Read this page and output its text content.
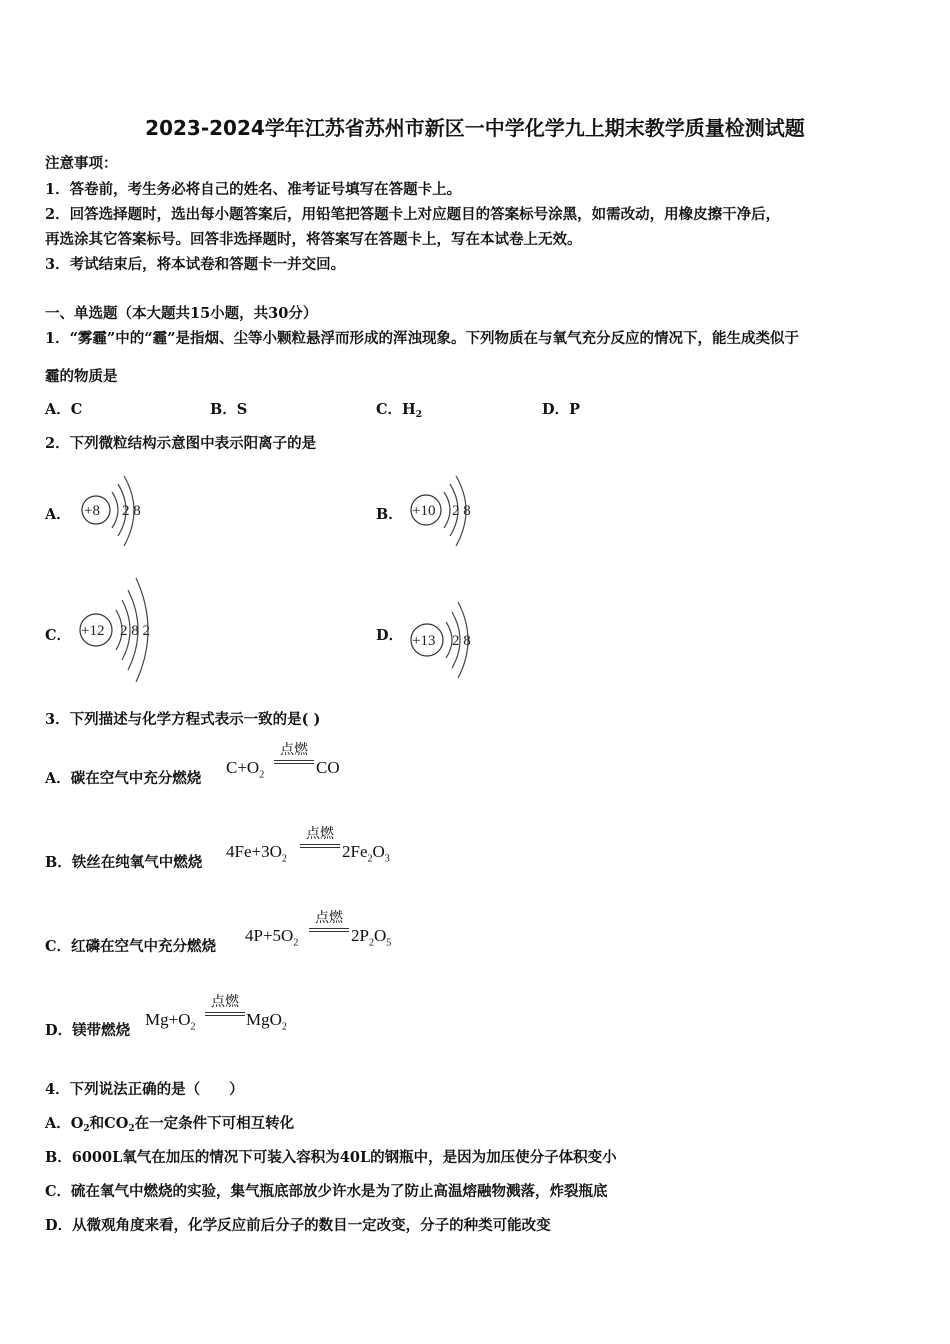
2023-2024学年江苏省苏州市新区一中学化学九上期末教学质量检测试题
注意事项：
1．答卷前，考生务必将自己的姓名、准考证号填写在答题卡上。
2．回答选择题时，选出每小题答案后，用铅笔把答题卡上对应题目的答案标号涂黑，如需改动，用橡皮擦干净后，
再选涂其它答案标号。回答非选择题时，将答案写在答题卡上，写在本试卷上无效。
3．考试结束后，将本试卷和答题卡一并交回。
一、单选题（本大题共15小题，共30分）
1．“雾霾”中的“霾”是指烟、尘等小颗粒悬浮而形成的浑浊现象。下列物质在与氧气充分反应的情况下，能生成类似于
霾的物质是
A．C	B．S	C．$H_2$	D．P
2．下列微粒结构示意图中表示阳离子的是
A． +8 2 8	B． +10 2 8
C． +12 2 8 2	D． +13 2 8
3．下列描述与化学方程式表示一致的是( )
A．碳在空气中充分燃烧
$C+O_2$
点燃
CO
B．铁丝在纯氧气中燃烧
$4Fe+3O_2$
点燃
$2Fe_2O_3$
C．红磷在空气中充分燃烧
$4P+5O_2$
点燃
$2P_2O_5$
D．镁带燃烧
$Mg+O_2$
点燃
MgO$_2$
4．下列说法正确的是（　　）
A．$O_2$和$CO_2$在一定条件下可相互转化
B．6000L氧气在加压的情况下可装入容积为40L的钢瓶中，是因为加压使分子体积变小
C．硫在氧气中燃烧的实验，集气瓶底部放少许水是为了防止高温熔融物溅落，炸裂瓶底
D．从微观角度来看，化学反应前后分子的数目一定改变，分子的种类可能改变
